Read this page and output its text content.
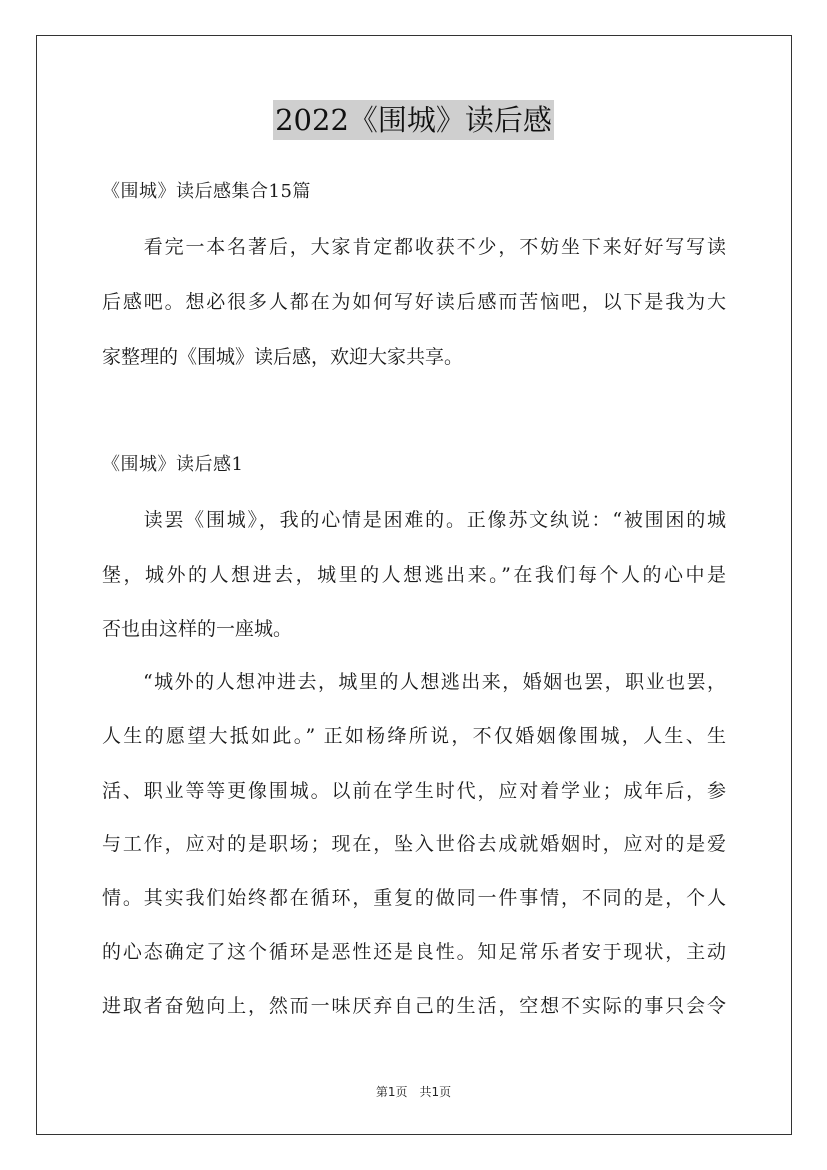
2022《围城》读后感
《围城》读后感集合15篇
　　看完一本名著后，大家肯定都收获不少，不妨坐下来好好写写读
后感吧。想必很多人都在为如何写好读后感而苦恼吧，以下是我为大
家整理的《围城》读后感，欢迎大家共享。
《围城》读后感1
　　读罢《围城》，我的心情是困难的。正像苏文纨说：“被围困的城
堡，城外的人想进去，城里的人想逃出来。”在我们每个人的心中是
否也由这样的一座城。
　　“城外的人想冲进去，城里的人想逃出来，婚姻也罢，职业也罢，
人生的愿望大抵如此。” 正如杨绛所说，不仅婚姻像围城，人生、生
活、职业等等更像围城。以前在学生时代，应对着学业；成年后，参
与工作，应对的是职场；现在，坠入世俗去成就婚姻时，应对的是爱
情。其实我们始终都在循环，重复的做同一件事情，不同的是，个人
的心态确定了这个循环是恶性还是良性。知足常乐者安于现状，主动
进取者奋勉向上，然而一味厌弃自己的生活，空想不实际的事只会令
第1页　共1页
